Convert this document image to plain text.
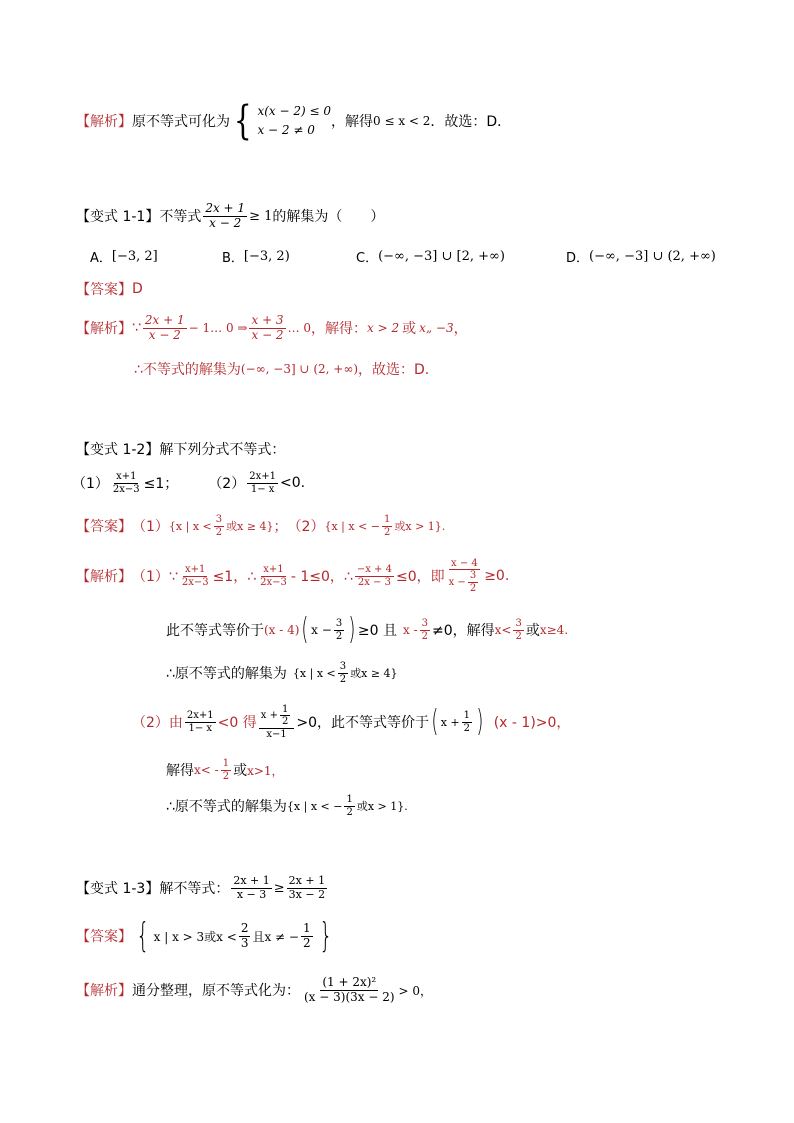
【解析】 原不等式可化为 { x(x − 2) ≤ 0
x − 2 ≠ 0	，解得 0 ≤ x < 2 ．故选：D．
【变式 1-1】 不等式 $\frac{2x + 1}{x - 2} \ge 1$ 的解集为（　　）
A． [−3, 2]	B． [−3, 2)	C． (−∞, −3] ∪ [2, +∞)	D． (−∞, −3] ∪ (2, +∞)
【答案】 D
【解析】 ∵ $\frac{2x + 1}{x - 2}$ − 1… 0 ⇒ $\frac{x + 3}{x - 2}$ … 0 ，解得： x > 2 或 x„ −3 ，
∴不等式的解集为 (−∞, −3] ∪ (2, +∞) ，故选：D.
【变式 1-2】 解下列分式不等式：
$(1) \frac{x+1}{2x-3} \le 1$； $(2) \frac{2x+1}{1- x} <0$.
【答案】 （1） {x | $x < \frac{3}{2}$ 或x ≥ 4} ； （2） {x | x < − $\frac{1}{2}$ 或x > 1}.
【解析】 （1）∵ $\frac{x+1}{2x-3} \le 1$，∴ $\frac{x+1}{2x-3} - 1\le 0$，∴ $\frac{-x + 4}{2x - 3} \le 0$，即 $\frac{x - 4}{x - \frac{3}{2}} \ge 0$.
此不等式等价于 (x - 4) ( $x - \frac{3}{2}$ ) ≥0 且 $x - \frac{3}{2} \ne 0$，解得 $x< \frac{3}{2}$ 或 x≥4.
∴原不等式的解集为 {x | $x < \frac{3}{2}$ 或x ≥ 4}
（2）由 $\frac{2x+1}{1- x} <0$ 得 $\frac{x + \frac{1}{2}}{x-1} >0$，此不等式等价于 ( $x + \frac{1}{2}$ ) (x - 1)>0，
解得 $x< - \frac{1}{2}$ 或 x>1，
∴原不等式的解集为 {x | x < − $\frac{1}{2}$ 或x > 1}.
【变式 1-3】 解不等式： $\frac{2x + 1}{x - 3} \ge \frac{2x + 1}{3x - 2}$
【答案】 { x | x > 3或$x < \frac{2}{3}$ 且x ≠ − $\frac{1}{2}$ }
【解析】 通分整理，原不等式化为： $\frac{\text{(1 + 2x)²}}{(x - 3)(3x - 2)} > 0$，
